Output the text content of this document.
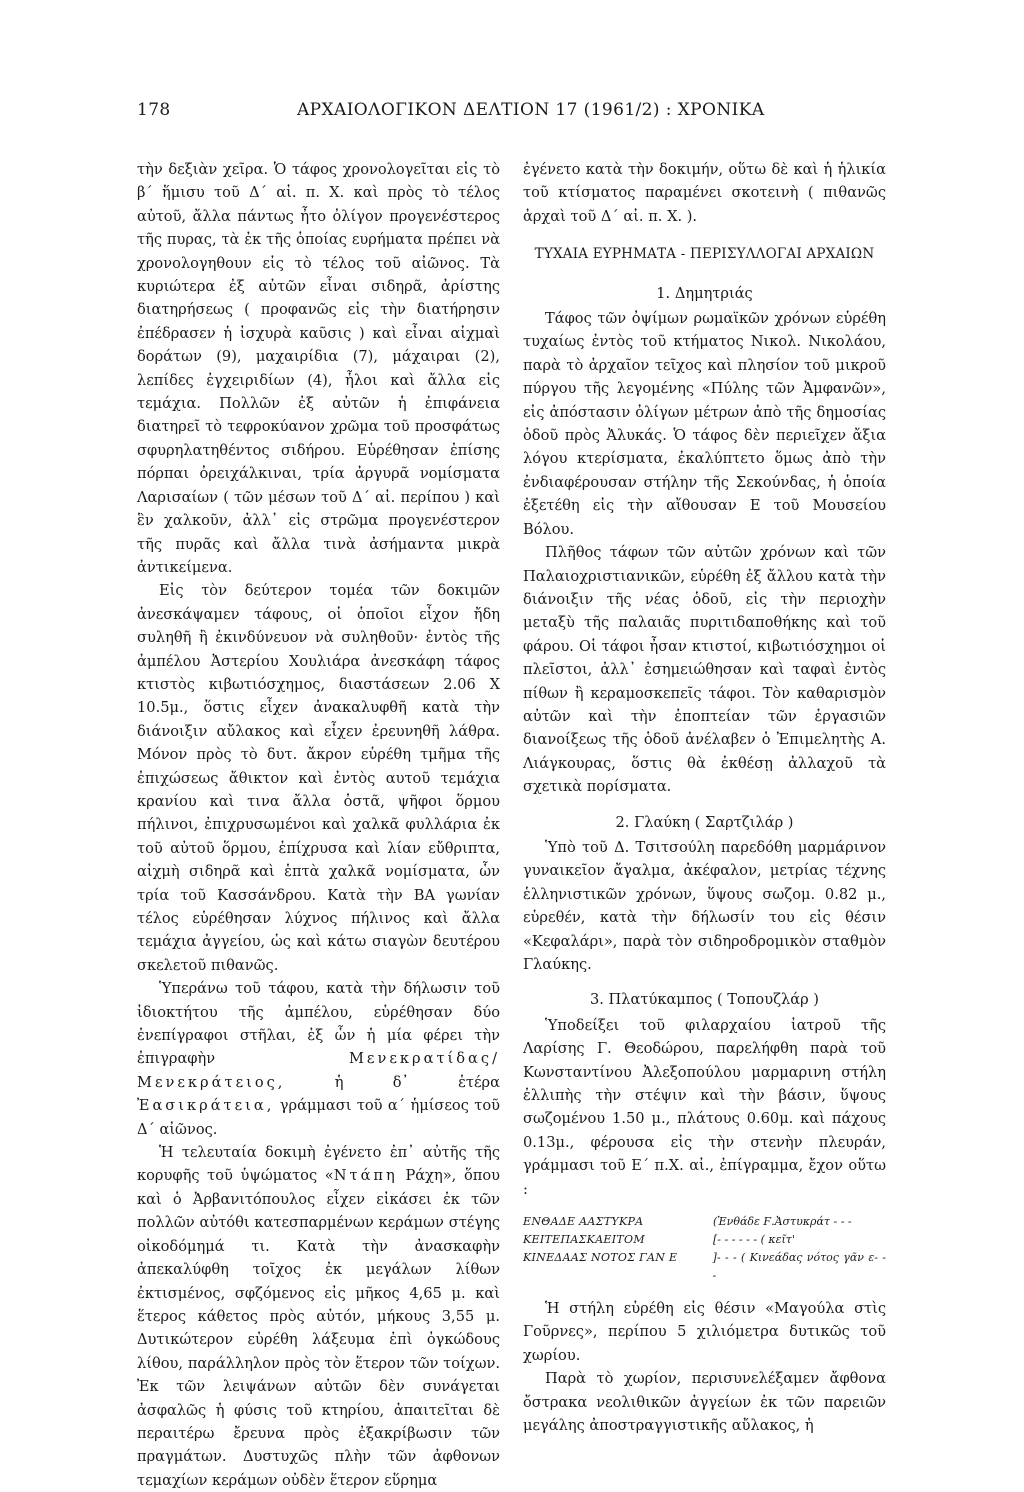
178	ΑΡΧΑΙΟΛΟΓΙΚΟΝ ΔΕΛΤΙΟΝ 17 (1961/2) : ΧΡΟΝΙΚΑ

τὴν δεξιὰν χεῖρα. Ὁ τάφος χρονολογεῖται εἰς τὸ β΄ ἥμισυ τοῦ Δ΄ αἰ. π. Χ. καὶ πρὸς τὸ τέλος αὐτοῦ, ἄλλα πάντως ἦτο ὀλίγον προγενέστερος τῆς πυρας, τὰ ἐκ τῆς ὁποίας ευρήματα πρέπει νὰ χρονολογηθουν εἰς τὸ τέλος τοῦ αἰῶνος. Τὰ κυριώτερα ἐξ αὐτῶν εἶναι σιδηρᾶ, ἀρίστης διατηρήσεως ( προφανῶς εἰς τὴν διατήρησιν ἐπέδρασεν ἡ ἰσχυρὰ καῦσις ) καὶ εἶναι αἰχμαὶ δοράτων (9), μαχαιρίδια (7), μάχαιραι (2), λεπίδες ἐγχειριδίων (4), ἧλοι καὶ ἄλλα εἰς τεμάχια. Πολλῶν ἐξ αὐτῶν ἡ ἐπιφάνεια διατηρεῖ τὸ τεφροκύανον χρῶμα τοῦ προσφάτως σφυρηλατηθέντος σιδήρου. Εὑρέθησαν ἐπίσης πόρπαι ὀρειχάλκιναι, τρία ἀργυρᾶ νομίσματα Λαρισαίων ( τῶν μέσων τοῦ Δ΄ αἰ. περίπου ) καὶ ἓν χαλκοῦν, ἀλλ᾽ εἰς στρῶμα προγενέστερον τῆς πυρᾶς καὶ ἄλλα τινὰ ἀσήμαντα μικρὰ ἀντικείμενα.

Εἰς τὸν δεύτερον τομέα τῶν δοκιμῶν ἀνεσκάψαμεν τάφους, οἱ ὁποῖοι εἶχον ἤδη συληθῆ ἢ ἐκινδύνευον νὰ συληθοῦν· ἐντὸς τῆς ἀμπέλου Ἀστερίου Χουλιάρα ἀνεσκάφη τάφος κτιστὸς κιβωτιόσχημος, διαστάσεων 2.06 X 10.5μ., ὅστις εἶχεν ἀνακαλυφθῆ κατὰ τὴν διάνοιξιν αὔλακος καὶ εἶχεν ἐρευνηθῆ λάθρα. Μόνον πρὸς τὸ δυτ. ἄκρον εὑρέθη τμῆμα τῆς ἐπιχώσεως ἄθικτον καὶ ἐντὸς αυτοῦ τεμάχια κρανίου καὶ τινα ἄλλα ὀστᾶ, ψῆφοι ὅρμου πήλινοι, ἐπιχρυσωμένοι καὶ χαλκᾶ φυλλάρια ἐκ τοῦ αὐτοῦ ὅρμου, ἐπίχρυσα καὶ λίαν εὔθριπτα, αἰχμὴ σιδηρᾶ καὶ ἑπτὰ χαλκᾶ νομίσματα, ὧν τρία τοῦ Κασσάνδρου. Κατὰ τὴν ΒΑ γωνίαν τέλος εὑρέθησαν λύχνος πήλινος καὶ ἄλλα τεμάχια ἀγγείου, ὡς καὶ κάτω σιαγὼν δευτέρου σκελετοῦ πιθανῶς.

Ὑπεράνω τοῦ τάφου, κατὰ τὴν δήλωσιν τοῦ ἰδιοκτήτου τῆς ἀμπέλου, εὑρέθησαν δύο ἐνεπίγραφοι στῆλαι, ἐξ ὧν ἡ μία φέρει τὴν ἐπιγραφὴν Μενεκρατίδας/Μενεκράτειος, ἡ δ᾽ ἑτέρα Ἐασικράτεια, γράμμασι τοῦ α΄ ἡμίσεος τοῦ Δ΄ αἰῶνος.

Ἡ τελευταία δοκιμὴ ἐγένετο ἐπ᾽ αὐτῆς τῆς κορυφῆς τοῦ ὑψώματος «Ντάπη Ράχη», ὅπου καὶ ὁ Ἀρβανιτόπουλος εἶχεν εἰκάσει ἐκ τῶν πολλῶν αὐτόθι κατεσπαρμένων κεράμων στέγης οἰκοδόμημά τι. Κατὰ τὴν ἀνασκαφὴν ἀπεκαλύφθη τοῖχος ἐκ μεγάλων λίθων ἐκτισμένος, σφζόμενος εἰς μῆκος 4,65 μ. καὶ ἕτερος κάθετος πρὸς αὐτόν, μήκους 3,55 μ. Δυτικώτερον εὑρέθη λάξευμα ἐπὶ ὀγκώδους λίθου, παράλληλον πρὸς τὸν ἕτερον τῶν τοίχων. Ἐκ τῶν λειψάνων αὐτῶν δὲν συνάγεται ἀσφαλῶς ἡ φύσις τοῦ κτηρίου, ἀπαιτεῖται δὲ περαιτέρω ἔρευνα πρὸς ἐξακρίβωσιν τῶν πραγμάτων. Δυστυχῶς πλὴν τῶν ἀφθονων τεμαχίων κεράμων οὐδὲν ἕτερον εὕρημα

ἐγένετο κατὰ τὴν δοκιμήν, οὕτω δὲ καὶ ἡ ἡλικία τοῦ κτίσματος παραμένει σκοτεινὴ ( πιθανῶς ἀρχαὶ τοῦ Δ΄ αἰ. π. Χ. ).

ΤΥΧΑΙΑ ΕΥΡΗΜΑΤΑ - ΠΕΡΙΣΥΛΛΟΓΑΙ ΑΡΧΑΙΩΝ
1. Δημητριάς

Τάφος τῶν ὀψίμων ρωμαϊκῶν χρόνων εὑρέθη τυχαίως ἐντὸς τοῦ κτήματος Νικολ. Νικολάου, παρὰ τὸ ἀρχαῖον τεῖχος καὶ πλησίον τοῦ μικροῦ πύργου τῆς λεγομένης «Πύλης τῶν Ἀμφανῶν», εἰς ἀπόστασιν ὀλίγων μέτρων ἀπὸ τῆς δημοσίας ὁδοῦ πρὸς Ἀλυκάς. Ὁ τάφος δὲν περιεῖχεν ἄξια λόγου κτερίσματα, ἐκαλύπτετο ὅμως ἀπὸ τὴν ἐνδιαφέρουσαν στήλην τῆς Σεκούνδας, ἡ ὁποία ἐξετέθη εἰς τὴν αἴθουσαν Ε τοῦ Μουσείου Βόλου.

Πλῆθος τάφων τῶν αὐτῶν χρόνων καὶ τῶν Παλαιοχριστιανικῶν, εὑρέθη ἐξ ἄλλου κατὰ τὴν διάνοιξιν τῆς νέας ὁδοῦ, εἰς τὴν περιοχὴν μεταξὺ τῆς παλαιᾶς πυριτιδαποθήκης καὶ τοῦ φάρου. Οἱ τάφοι ἦσαν κτιστοί, κιβωτιόσχημοι οἱ πλεῖστοι, ἀλλ᾽ ἐσημειώθησαν καὶ ταφαὶ ἐντὸς πίθων ἢ κεραμοσκεπεῖς τάφοι. Τὸν καθαρισμὸν αὐτῶν καὶ τὴν ἐποπτείαν τῶν ἐργασιῶν διανοίξεως τῆς ὁδοῦ ἀνέλαβεν ὁ Ἐπιμελητὴς Α. Λιάγκουρας, ὅστις θὰ ἐκθέσῃ ἀλλαχοῦ τὰ σχετικὰ πορίσματα.

2. Γλαύκη ( Σαρτζιλάρ )

Ὑπὸ τοῦ Δ. Τσιτσούλη παρεδόθη μαρμάρινον γυναικεῖον ἄγαλμα, ἀκέφαλον, μετρίας τέχνης ἑλληνιστικῶν χρόνων, ὕψους σωζομ. 0.82 μ., εὑρεθέν, κατὰ τὴν δήλωσίν του εἰς θέσιν «Κεφαλάρι», παρὰ τὸν σιδηροδρομικὸν σταθμὸν Γλαύκης.

3. Πλατύκαμπος ( Τοπουζλάρ )

Ὑποδείξει τοῦ φιλαρχαίου ἰατροῦ τῆς Λαρίσης Γ. Θεοδώρου, παρελήφθη παρὰ τοῦ Κωνσταντίνου Ἀλεξοπούλου μαρμαρινη στήλη ἐλλιπὴς τὴν στέψιν καὶ τὴν βάσιν, ὕψους σωζομένου 1.50 μ., πλάτους 0.60μ. καὶ πάχους 0.13μ., φέρουσα εἰς τὴν στενὴν πλευράν, γράμμασι τοῦ Ε΄ π.Χ. αἰ., ἐπίγραμμα, ἔχον οὕτω :

ΕΝΘΑΔΕ ΑΑΣΤΥΚΡΑ	(Ἐνθάδε Ϝ.Ἀστυκράτ - - -
ΚΕΙΤΕΠΑΣΚΑΕΙΤΟΜ	[- - - - - - ( κεῖτ'
ΚΙΝΕΔΑΑΣ ΝΟΤΟΣ ΓΑΝ Ε	]- - - ( Κινεάδας νότος γᾶν ε- - -

Ἡ στήλη εὑρέθη εἰς θέσιν «Μαγούλα στὶς Γοῦρνες», περίπου 5 χιλιόμετρα δυτικῶς τοῦ χωρίου.

Παρὰ τὸ χωρίον, περισυνελέξαμεν ἄφθονα ὄστρακα νεολιθικῶν ἀγγείων ἐκ τῶν παρειῶν μεγάλης ἀποστραγγιστικῆς αὔλακος, ἡ
